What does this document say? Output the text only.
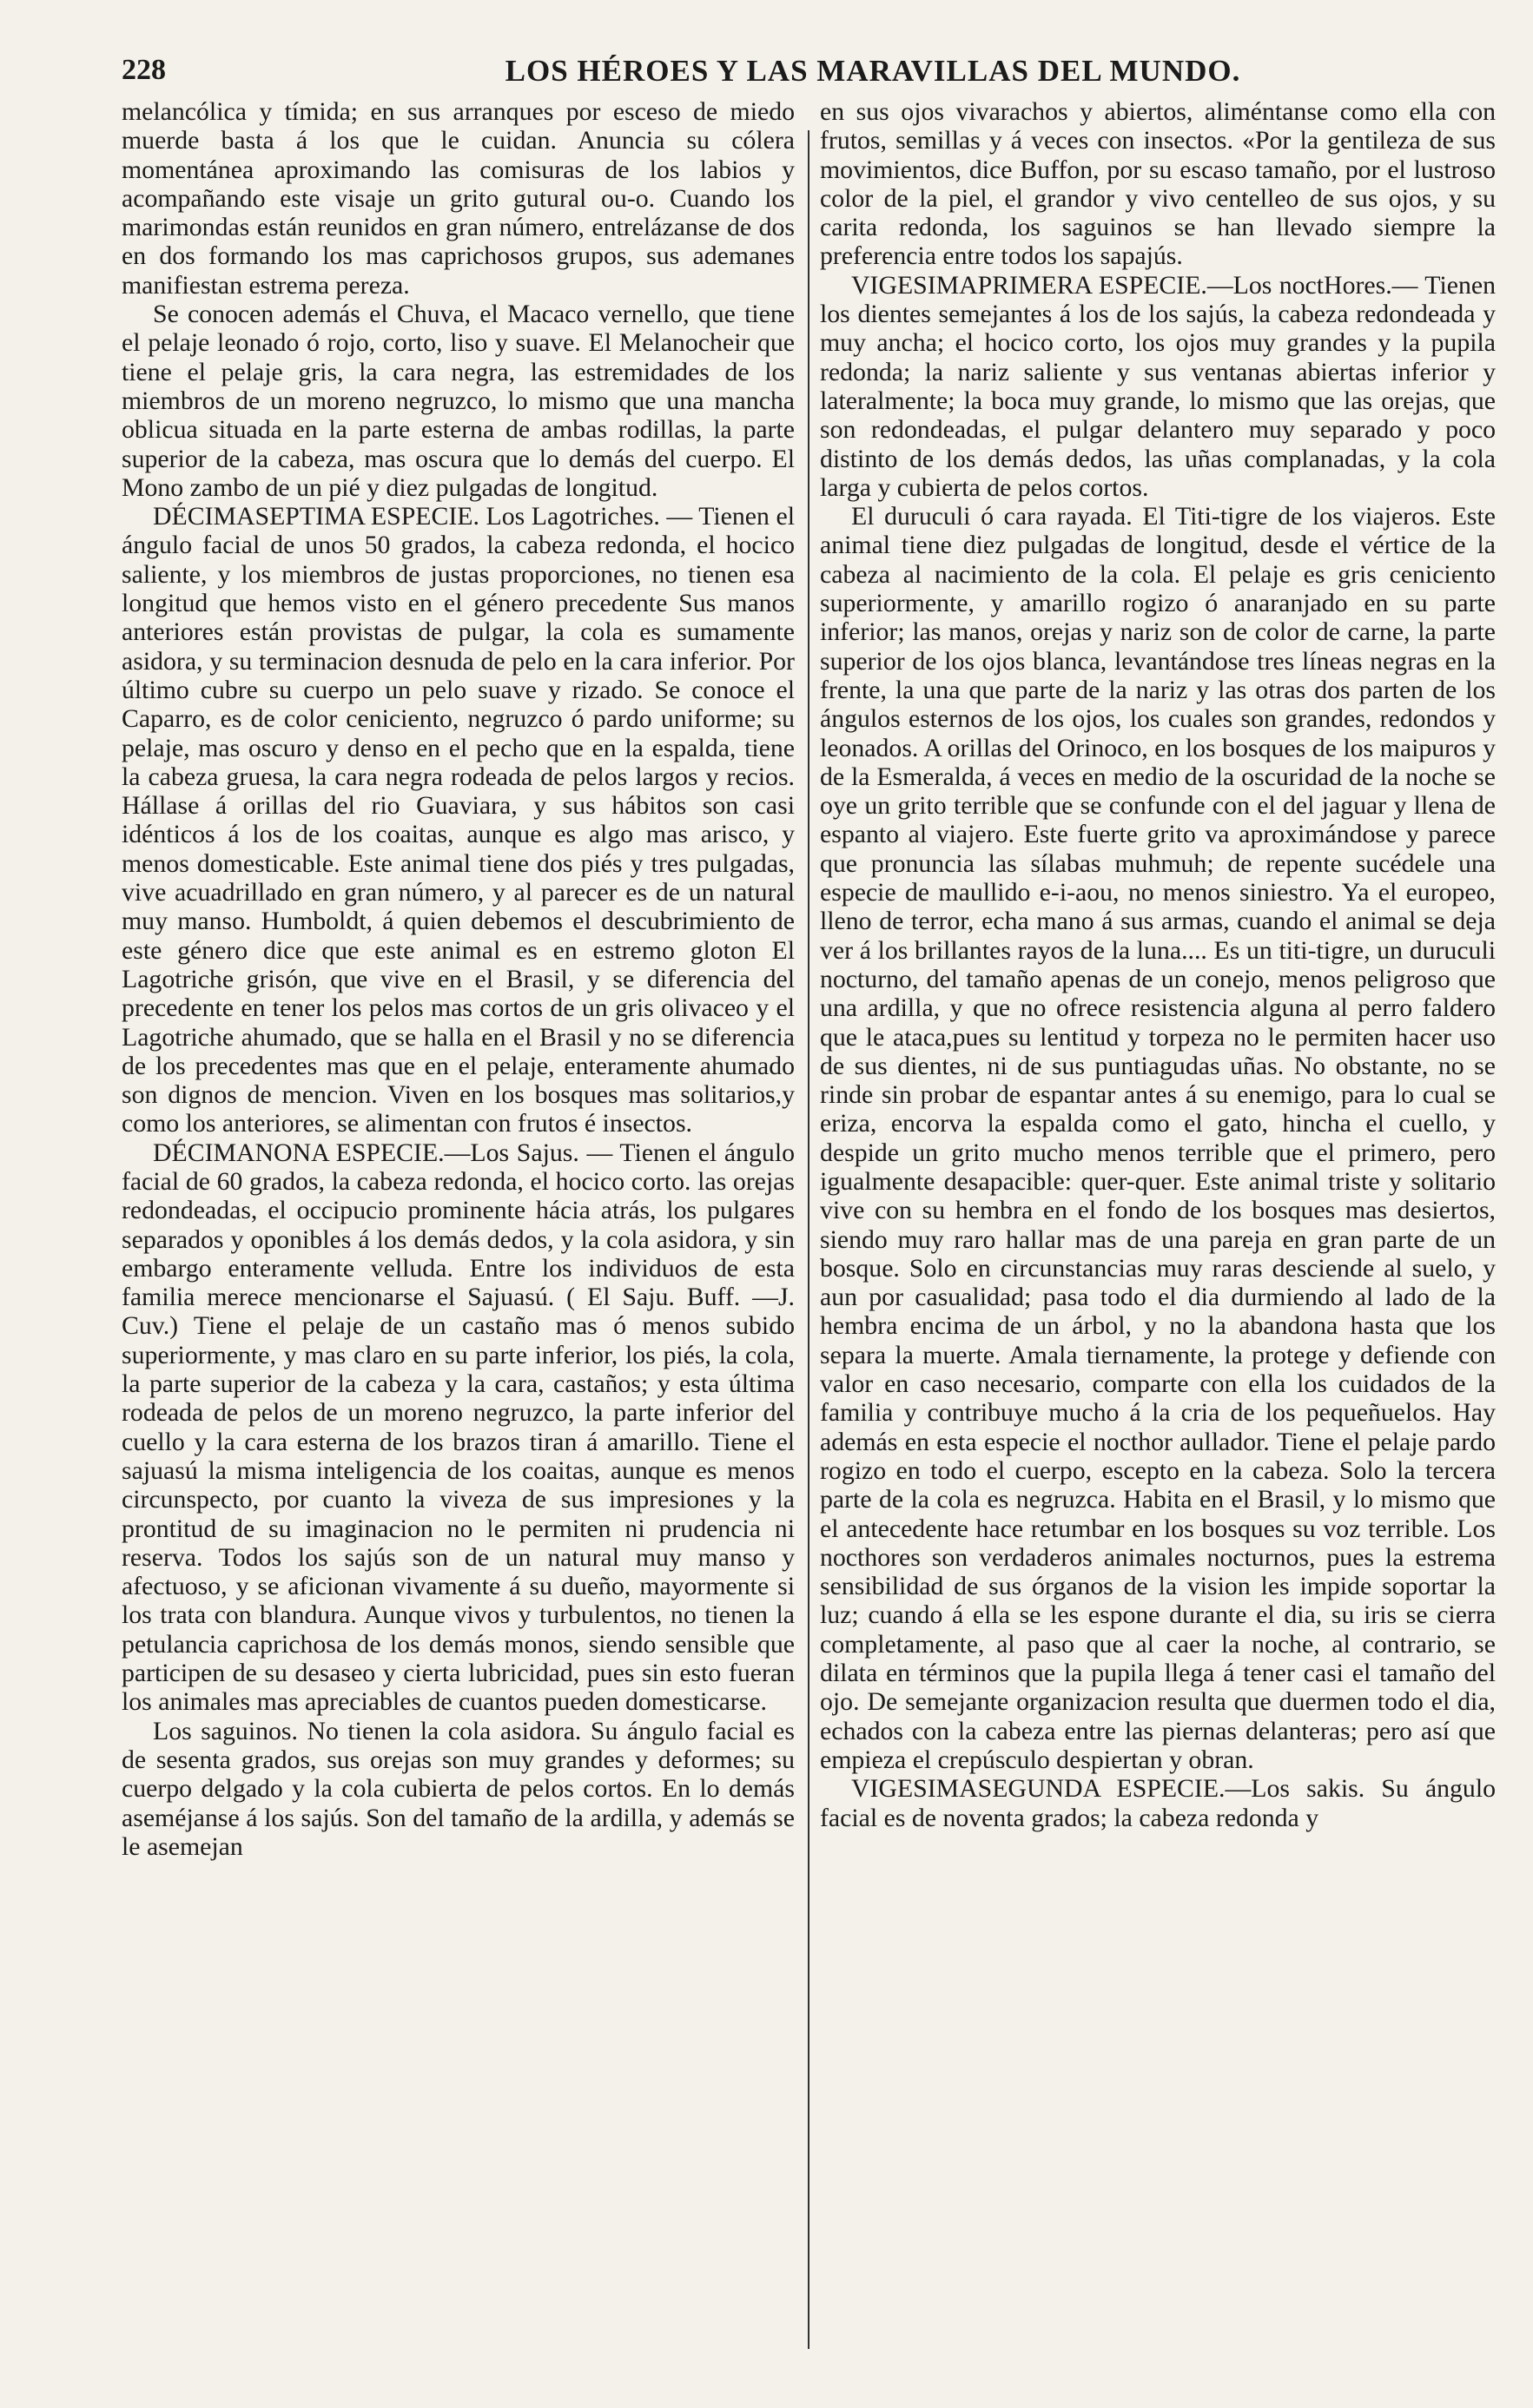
228	LOS HÉROES Y LAS MARAVILLAS DEL MUNDO.

melancólica y tímida; en sus arranques por esceso de miedo muerde basta á los que le cuidan. Anuncia su cólera momentánea aproximando las comisuras de los labios y acompañando este visaje un grito gutural ou-o. Cuando los marimondas están reunidos en gran número, entrelázanse de dos en dos formando los mas caprichosos grupos, sus ademanes manifiestan estrema pereza.

Se conocen además el Chuva, el Macaco vernello, que tiene el pelaje leonado ó rojo, corto, liso y suave. El Melanocheir que tiene el pelaje gris, la cara negra, las estremidades de los miembros de un moreno negruzco, lo mismo que una mancha oblicua situada en la parte esterna de ambas rodillas, la parte superior de la cabeza, mas oscura que lo demás del cuerpo. El Mono zambo de un pié y diez pulgadas de longitud.

DÉCIMASEPTIMA ESPECIE. Los Lagotriches. — Tienen el ángulo facial de unos 50 grados, la cabeza redonda, el hocico saliente, y los miembros de justas proporciones, no tienen esa longitud que hemos visto en el género precedente Sus manos anteriores están provistas de pulgar, la cola es sumamente asidora, y su terminacion desnuda de pelo en la cara inferior. Por último cubre su cuerpo un pelo suave y rizado. Se conoce el Caparro, es de color ceniciento, negruzco ó pardo uniforme; su pelaje, mas oscuro y denso en el pecho que en la espalda, tiene la cabeza gruesa, la cara negra rodeada de pelos largos y recios. Hállase á orillas del rio Guaviara, y sus hábitos son casi idénticos á los de los coaitas, aunque es algo mas arisco, y menos domesticable. Este animal tiene dos piés y tres pulgadas, vive acuadrillado en gran número, y al parecer es de un natural muy manso. Humboldt, á quien debemos el descubrimiento de este género dice que este animal es en estremo gloton El Lagotriche grisón, que vive en el Brasil, y se diferencia del precedente en tener los pelos mas cortos de un gris olivaceo y el Lagotriche ahumado, que se halla en el Brasil y no se diferencia de los precedentes mas que en el pelaje, enteramente ahumado son dignos de mencion. Viven en los bosques mas solitarios,y como los anteriores, se alimentan con frutos é insectos.

DÉCIMANONA ESPECIE.—Los Sajus. — Tienen el ángulo facial de 60 grados, la cabeza redonda, el hocico corto. las orejas redondeadas, el occipucio prominente hácia atrás, los pulgares separados y oponibles á los demás dedos, y la cola asidora, y sin embargo enteramente velluda. Entre los individuos de esta familia merece mencionarse el Sajuasú. ( El Saju. Buff. —J. Cuv.) Tiene el pelaje de un castaño mas ó menos subido superiormente, y mas claro en su parte inferior, los piés, la cola, la parte superior de la cabeza y la cara, castaños; y esta última rodeada de pelos de un moreno negruzco, la parte inferior del cuello y la cara esterna de los brazos tiran á amarillo. Tiene el sajuasú la misma inteligencia de los coaitas, aunque es menos circunspecto, por cuanto la viveza de sus impresiones y la prontitud de su imaginacion no le permiten ni prudencia ni reserva. Todos los sajús son de un natural muy manso y afectuoso, y se aficionan vivamente á su dueño, mayormente si los trata con blandura. Aunque vivos y turbulentos, no tienen la petulancia caprichosa de los demás monos, siendo sensible que participen de su desaseo y cierta lubricidad, pues sin esto fueran los animales mas apreciables de cuantos pueden domesticarse.

Los saguinos. No tienen la cola asidora. Su ángulo facial es de sesenta grados, sus orejas son muy grandes y deformes; su cuerpo delgado y la cola cubierta de pelos cortos. En lo demás aseméjanse á los sajús. Son del tamaño de la ardilla, y además se le asemejan

en sus ojos vivarachos y abiertos, aliméntanse como ella con frutos, semillas y á veces con insectos. «Por la gentileza de sus movimientos, dice Buffon, por su escaso tamaño, por el lustroso color de la piel, el grandor y vivo centelleo de sus ojos, y su carita redonda, los saguinos se han llevado siempre la preferencia entre todos los sapajús.

VIGESIMAPRIMERA ESPECIE.—Los noctHores.— Tienen los dientes semejantes á los de los sajús, la cabeza redondeada y muy ancha; el hocico corto, los ojos muy grandes y la pupila redonda; la nariz saliente y sus ventanas abiertas inferior y lateralmente; la boca muy grande, lo mismo que las orejas, que son redondeadas, el pulgar delantero muy separado y poco distinto de los demás dedos, las uñas complanadas, y la cola larga y cubierta de pelos cortos.

El duruculi ó cara rayada. El Titi-tigre de los viajeros. Este animal tiene diez pulgadas de longitud, desde el vértice de la cabeza al nacimiento de la cola. El pelaje es gris ceniciento superiormente, y amarillo rogizo ó anaranjado en su parte inferior; las manos, orejas y nariz son de color de carne, la parte superior de los ojos blanca, levantándose tres líneas negras en la frente, la una que parte de la nariz y las otras dos parten de los ángulos esternos de los ojos, los cuales son grandes, redondos y leonados. A orillas del Orinoco, en los bosques de los maipuros y de la Esmeralda, á veces en medio de la oscuridad de la noche se oye un grito terrible que se confunde con el del jaguar y llena de espanto al viajero. Este fuerte grito va aproximándose y parece que pronuncia las sílabas muhmuh; de repente sucédele una especie de maullido e-i-aou, no menos siniestro. Ya el europeo, lleno de terror, echa mano á sus armas, cuando el animal se deja ver á los brillantes rayos de la luna.... Es un titi-tigre, un duruculi nocturno, del tamaño apenas de un conejo, menos peligroso que una ardilla, y que no ofrece resistencia alguna al perro faldero que le ataca,pues su lentitud y torpeza no le permiten hacer uso de sus dientes, ni de sus puntiagudas uñas. No obstante, no se rinde sin probar de espantar antes á su enemigo, para lo cual se eriza, encorva la espalda como el gato, hincha el cuello, y despide un grito mucho menos terrible que el primero, pero igualmente desapacible: quer-quer. Este animal triste y solitario vive con su hembra en el fondo de los bosques mas desiertos, siendo muy raro hallar mas de una pareja en gran parte de un bosque. Solo en circunstancias muy raras desciende al suelo, y aun por casualidad; pasa todo el dia durmiendo al lado de la hembra encima de un árbol, y no la abandona hasta que los separa la muerte. Amala tiernamente, la protege y defiende con valor en caso necesario, comparte con ella los cuidados de la familia y contribuye mucho á la cria de los pequeñuelos. Hay además en esta especie el nocthor aullador. Tiene el pelaje pardo rogizo en todo el cuerpo, escepto en la cabeza. Solo la tercera parte de la cola es negruzca. Habita en el Brasil, y lo mismo que el antecedente hace retumbar en los bosques su voz terrible. Los nocthores son verdaderos animales nocturnos, pues la estrema sensibilidad de sus órganos de la vision les impide soportar la luz; cuando á ella se les espone durante el dia, su iris se cierra completamente, al paso que al caer la noche, al contrario, se dilata en términos que la pupila llega á tener casi el tamaño del ojo. De semejante organizacion resulta que duermen todo el dia, echados con la cabeza entre las piernas delanteras; pero así que empieza el crepúsculo despiertan y obran.

VIGESIMASEGUNDA ESPECIE.—Los sakis. Su ángulo facial es de noventa grados; la cabeza redonda y
